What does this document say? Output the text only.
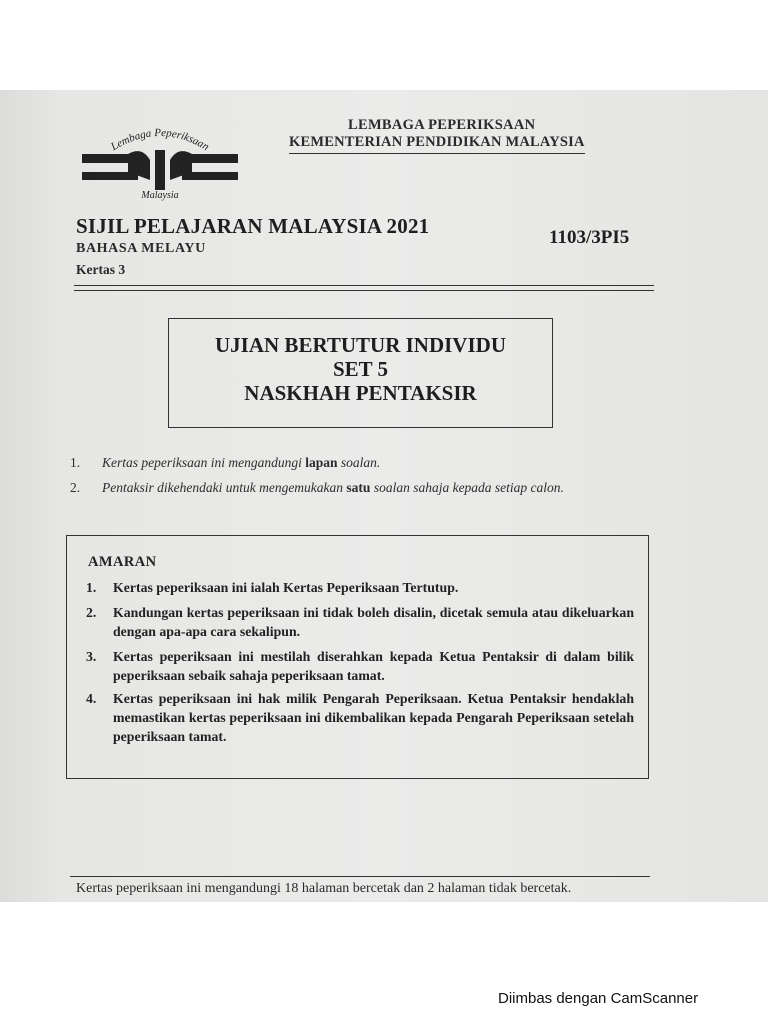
Lembaga Peperiksaan
Malaysia
LEMBAGA PEPERIKSAAN
KEMENTERIAN PENDIDIKAN MALAYSIA
SIJIL PELAJARAN MALAYSIA 2021
BAHASA MELAYU
Kertas 3
1103/3PI5
UJIAN BERTUTUR INDIVIDU
SET 5
NASKHAH PENTAKSIR
1. Kertas peperiksaan ini mengandungi lapan soalan.
2. Pentaksir dikehendaki untuk mengemukakan satu soalan sahaja kepada setiap calon.
AMARAN
1. Kertas peperiksaan ini ialah Kertas Peperiksaan Tertutup.
2. Kandungan kertas peperiksaan ini tidak boleh disalin, dicetak semula atau dikeluarkan dengan apa-apa cara sekalipun.
3. Kertas peperiksaan ini mestilah diserahkan kepada Ketua Pentaksir di dalam bilik peperiksaan sebaik sahaja peperiksaan tamat.
4. Kertas peperiksaan ini hak milik Pengarah Peperiksaan. Ketua Pentaksir hendaklah memastikan kertas peperiksaan ini dikembalikan kepada Pengarah Peperiksaan setelah peperiksaan tamat.
Kertas peperiksaan ini mengandungi 18 halaman bercetak dan 2 halaman tidak bercetak.
Diimbas dengan CamScanner
